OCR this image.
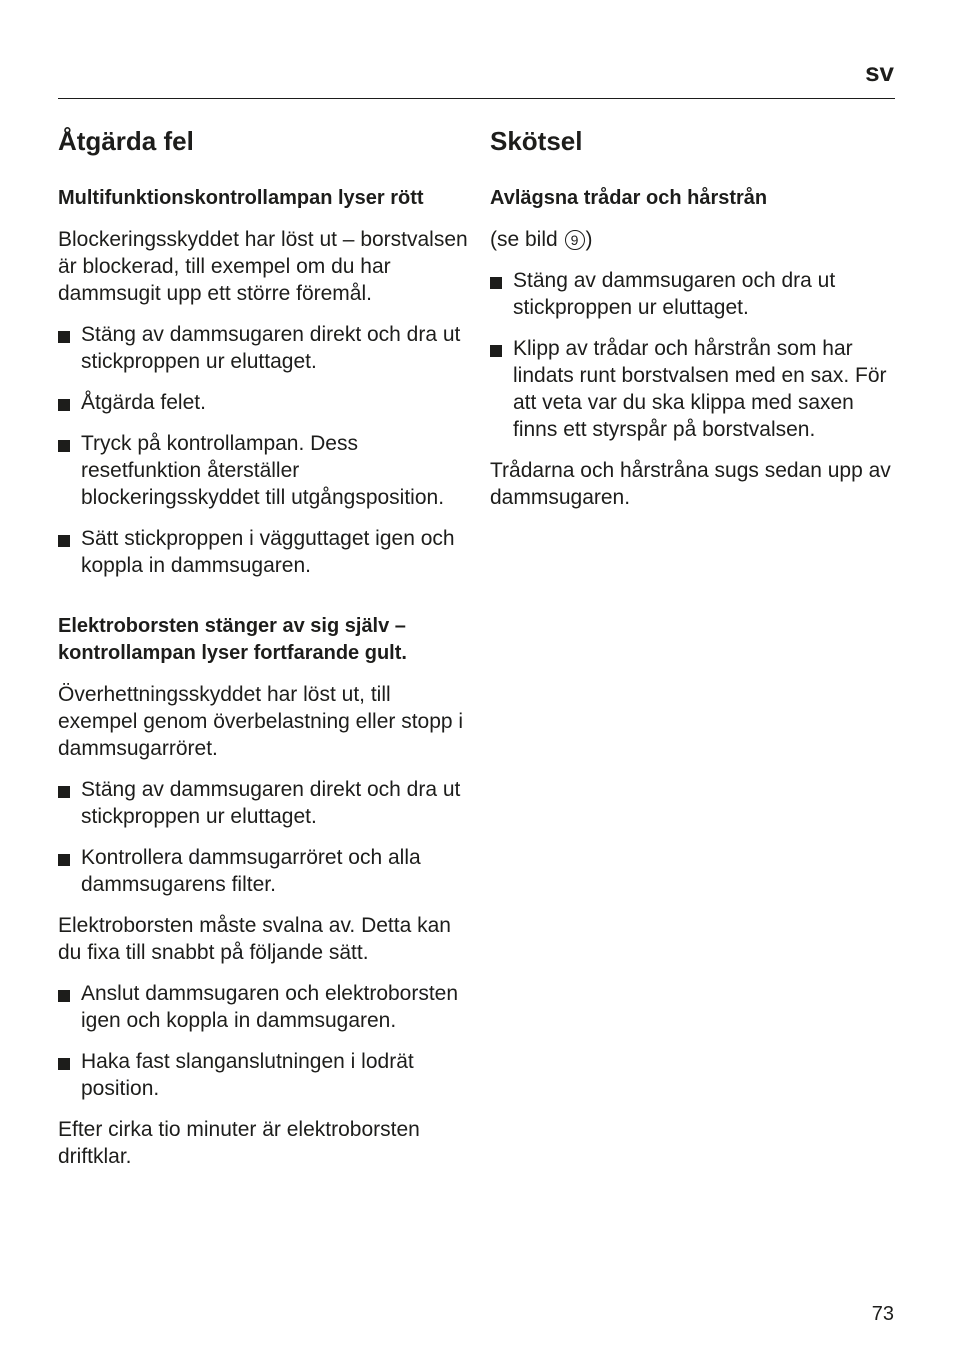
sv
Åtgärda fel
Multifunktionskontrollampan lyser rött

Blockeringsskyddet har löst ut – borstvalsen är blockerad, till exempel om du har dammsugit upp ett större föremål.

Stäng av dammsugaren direkt och dra ut stickproppen ur eluttaget.
Åtgärda felet.
Tryck på kontrollampan. Dess resetfunktion återställer blockeringsskyddet till utgångsposition.
Sätt stickproppen i vägguttaget igen och koppla in dammsugaren.
Elektroborsten stänger av sig själv – kontrollampan lyser fortfarande gult.

Överhettningsskyddet har löst ut, till exempel genom överbelastning eller stopp i dammsugarröret.

Stäng av dammsugaren direkt och dra ut stickproppen ur eluttaget.
Kontrollera dammsugarröret och alla dammsugarens filter.

Elektroborsten måste svalna av. Detta kan du fixa till snabbt på följande sätt.

Anslut dammsugaren och elektroborsten igen och koppla in dammsugaren.
Haka fast slanganslutningen i lodrät position.

Efter cirka tio minuter är elektroborsten driftklar.

Skötsel
Avlägsna trådar och hårstrån

(se bild 9 )

Stäng av dammsugaren och dra ut stickproppen ur eluttaget.
Klipp av trådar och hårstrån som har lindats runt borstvalsen med en sax. För att veta var du ska klippa med saxen finns ett styrspår på borstvalsen.

Trådarna och hårstråna sugs sedan upp av dammsugaren.

73
